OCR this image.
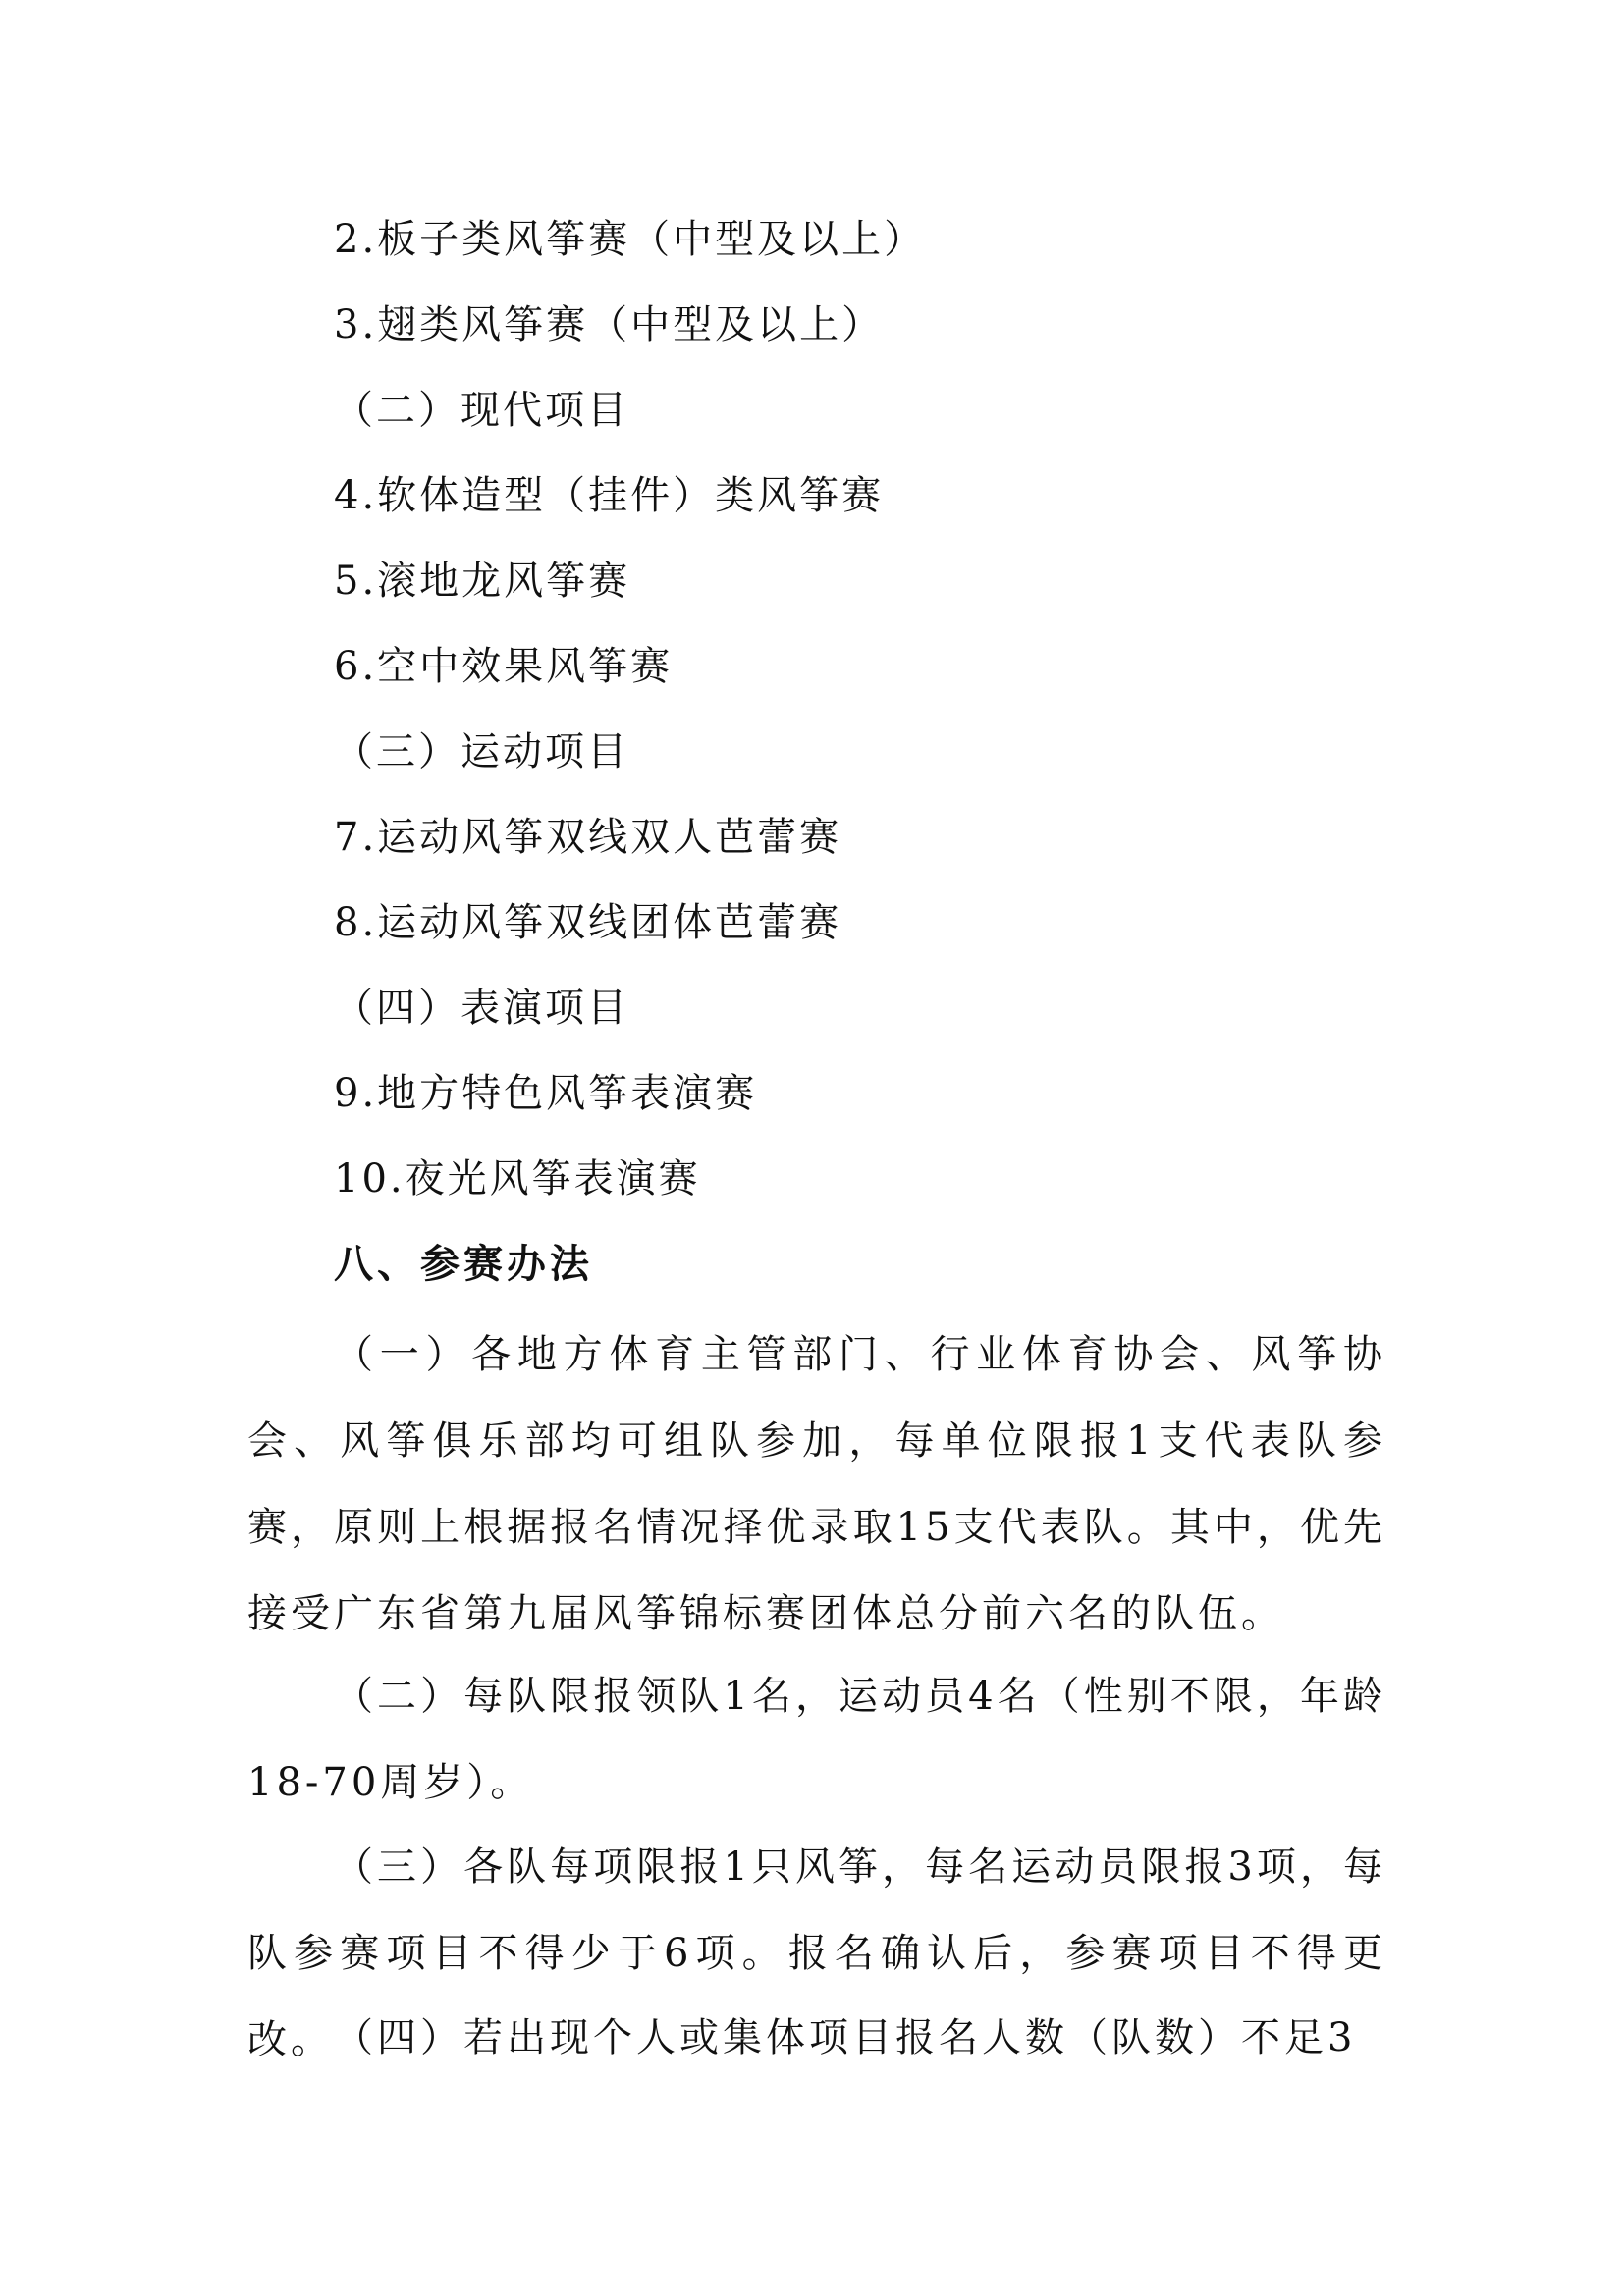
2.板子类风筝赛（中型及以上）
3.翅类风筝赛（中型及以上）
（二）现代项目
4.软体造型（挂件）类风筝赛
5.滚地龙风筝赛
6.空中效果风筝赛
（三）运动项目
7.运动风筝双线双人芭蕾赛
8.运动风筝双线团体芭蕾赛
（四）表演项目
9.地方特色风筝表演赛
10.夜光风筝表演赛
八、参赛办法
（一）各地方体育主管部门、行业体育协会、风筝协会、风筝俱乐部均可组队参加，每单位限报1支代表队参赛，原则上根据报名情况择优录取15支代表队。其中，优先接受广东省第九届风筝锦标赛团体总分前六名的队伍。
（二）每队限报领队1名，运动员4名（性别不限，年龄18-70周岁）。
（三）各队每项限报1只风筝，每名运动员限报3项，每队参赛项目不得少于6项。报名确认后，参赛项目不得更改。 （四）若出现个人或集体项目报名人数（队数）不足3
